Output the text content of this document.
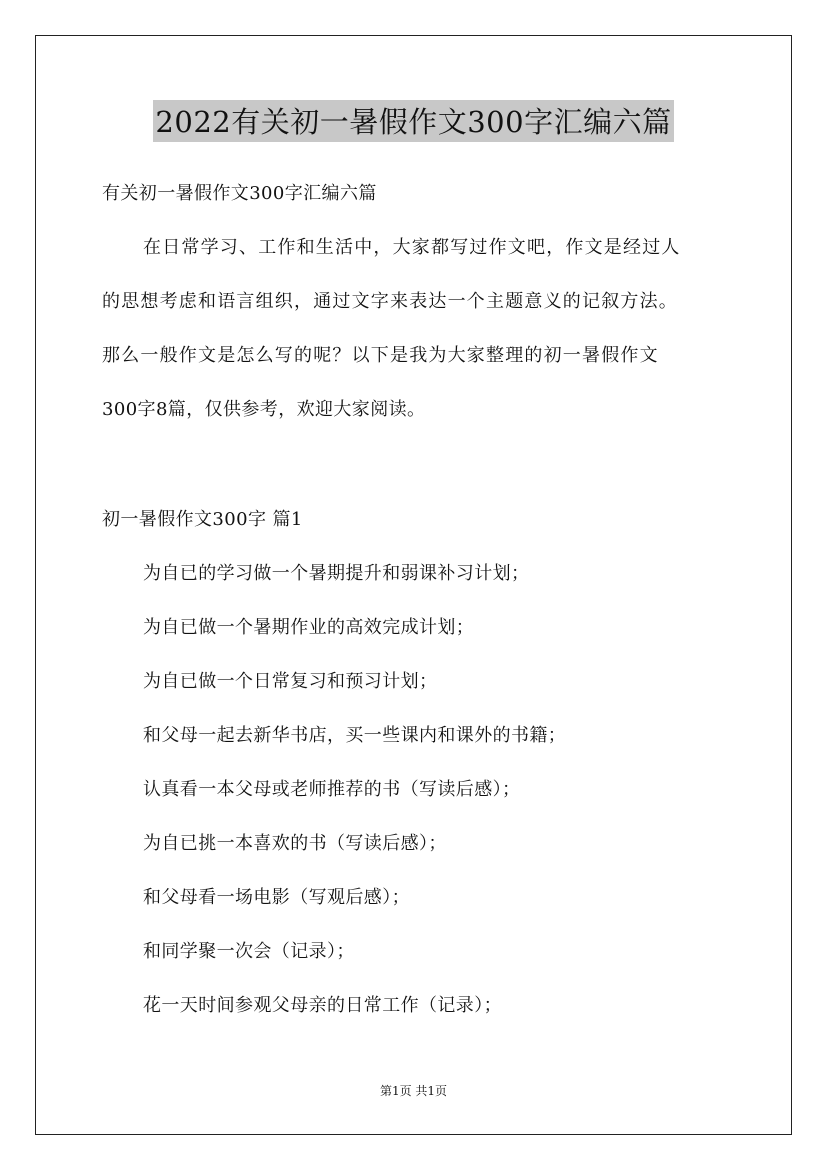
2022有关初一暑假作文300字汇编六篇
有关初一暑假作文300字汇编六篇
在日常学习、工作和生活中，大家都写过作文吧，作文是经过人
的思想考虑和语言组织，通过文字来表达一个主题意义的记叙方法。
那么一般作文是怎么写的呢？以下是我为大家整理的初一暑假作文
300字8篇，仅供参考，欢迎大家阅读。
初一暑假作文300字 篇1
为自已的学习做一个暑期提升和弱课补习计划；
为自已做一个暑期作业的高效完成计划；
为自已做一个日常复习和预习计划；
和父母一起去新华书店，买一些课内和课外的书籍；
认真看一本父母或老师推荐的书（写读后感）；
为自已挑一本喜欢的书（写读后感）；
和父母看一场电影（写观后感）；
和同学聚一次会（记录）；
花一天时间参观父母亲的日常工作（记录）；
第1页 共1页
